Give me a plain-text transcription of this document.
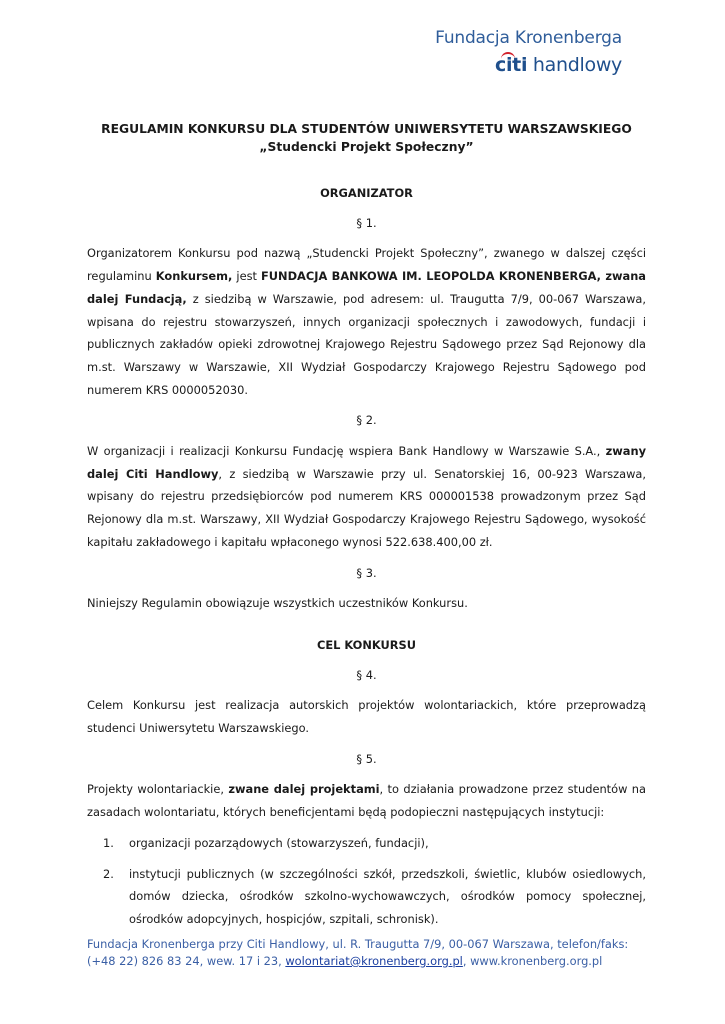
Fundacja Kronenberga
citi handlowy
REGULAMIN KONKURSU DLA STUDENTÓW UNIWERSYTETU WARSZAWSKIEGO
„Studencki Projekt Społeczny”
ORGANIZATOR
§ 1.

Organizatorem Konkursu pod nazwą „Studencki Projekt Społeczny”, zwanego w dalszej części regulaminu Konkursem, jest FUNDACJA BANKOWA IM. LEOPOLDA KRONENBERGA, zwana dalej Fundacją, z siedzibą w Warszawie, pod adresem: ul. Traugutta 7/9, 00-067 Warszawa, wpisana do rejestru stowarzyszeń, innych organizacji społecznych i zawodowych, fundacji i publicznych zakładów opieki zdrowotnej Krajowego Rejestru Sądowego przez Sąd Rejonowy dla m.st. Warszawy w Warszawie, XII Wydział Gospodarczy Krajowego Rejestru Sądowego pod numerem KRS 0000052030.

§ 2.

W organizacji i realizacji Konkursu Fundację wspiera Bank Handlowy w Warszawie S.A., zwany dalej Citi Handlowy, z siedzibą w Warszawie przy ul. Senatorskiej 16, 00-923 Warszawa, wpisany do rejestru przedsiębiorców pod numerem KRS 000001538 prowadzonym przez Sąd Rejonowy dla m.st. Warszawy, XII Wydział Gospodarczy Krajowego Rejestru Sądowego, wysokość kapitału zakładowego i kapitału wpłaconego wynosi 522.638.400,00 zł.

§ 3.

Niniejszy Regulamin obowiązuje wszystkich uczestników Konkursu.

CEL KONKURSU
§ 4.

Celem Konkursu jest realizacja autorskich projektów wolontariackich, które przeprowadzą studenci Uniwersytetu Warszawskiego.

§ 5.

Projekty wolontariackie, zwane dalej projektami, to działania prowadzone przez studentów na zasadach wolontariatu, których beneficjentami będą podopieczni następujących instytucji:

1.	organizacji pozarządowych (stowarzyszeń, fundacji),
2.	instytucji publicznych (w szczególności szkół, przedszkoli, świetlic, klubów osiedlowych, domów dziecka, ośrodków szkolno-wychowawczych, ośrodków pomocy społecznej, ośrodków adopcyjnych, hospicjów, szpitali, schronisk).
Fundacja Kronenberga przy Citi Handlowy, ul. R. Traugutta 7/9, 00-067 Warszawa, telefon/faks:
(+48 22) 826 83 24, wew. 17 i 23, wolontariat@kronenberg.org.pl, www.kronenberg.org.pl
